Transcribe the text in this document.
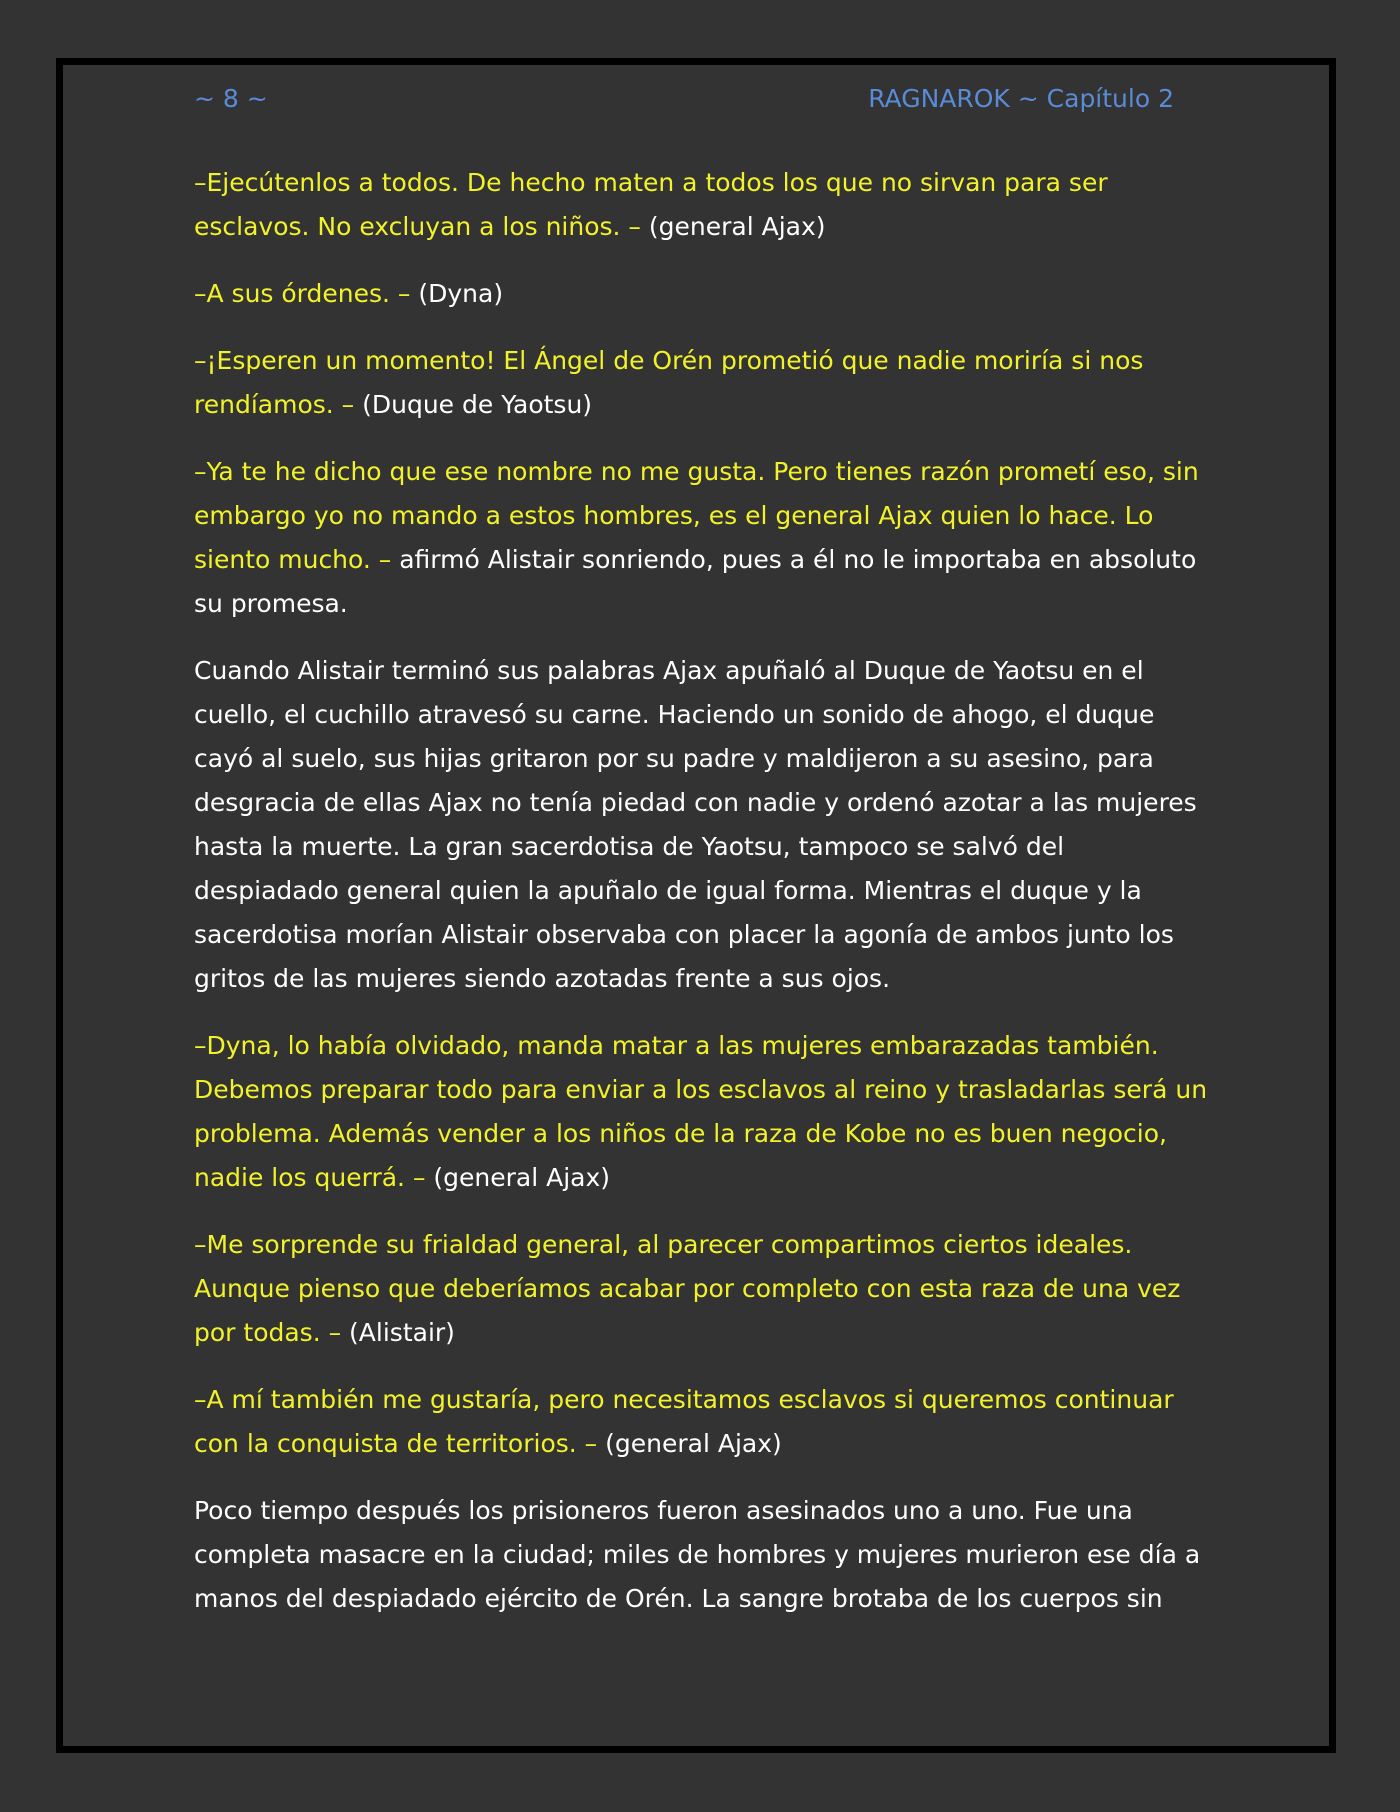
~ 8 ~	RAGNAROK ~ Capítulo 2

–Ejecútenlos a todos. De hecho maten a todos los que no sirvan para ser esclavos. No excluyan a los niños. – (general Ajax)

–A sus órdenes. – (Dyna)

–¡Esperen un momento! El Ángel de Orén prometió que nadie moriría si nos rendíamos. – (Duque de Yaotsu)

–Ya te he dicho que ese nombre no me gusta. Pero tienes razón prometí eso, sin embargo yo no mando a estos hombres, es el general Ajax quien lo hace. Lo siento mucho. – afirmó Alistair sonriendo, pues a él no le importaba en absoluto su promesa.

Cuando Alistair terminó sus palabras Ajax apuñaló al Duque de Yaotsu en el cuello, el cuchillo atravesó su carne. Haciendo un sonido de ahogo, el duque cayó al suelo, sus hijas gritaron por su padre y maldijeron a su asesino, para desgracia de ellas Ajax no tenía piedad con nadie y ordenó azotar a las mujeres hasta la muerte. La gran sacerdotisa de Yaotsu, tampoco se salvó del despiadado general quien la apuñalo de igual forma. Mientras el duque y la sacerdotisa morían Alistair observaba con placer la agonía de ambos junto los gritos de las mujeres siendo azotadas frente a sus ojos.

–Dyna, lo había olvidado, manda matar a las mujeres embarazadas también. Debemos preparar todo para enviar a los esclavos al reino y trasladarlas será un problema. Además vender a los niños de la raza de Kobe no es buen negocio, nadie los querrá. – (general Ajax)

–Me sorprende su frialdad general, al parecer compartimos ciertos ideales. Aunque pienso que deberíamos acabar por completo con esta raza de una vez por todas. – (Alistair)

–A mí también me gustaría, pero necesitamos esclavos si queremos continuar con la conquista de territorios. – (general Ajax)

Poco tiempo después los prisioneros fueron asesinados uno a uno. Fue una completa masacre en la ciudad; miles de hombres y mujeres murieron ese día a manos del despiadado ejército de Orén. La sangre brotaba de los cuerpos sin
